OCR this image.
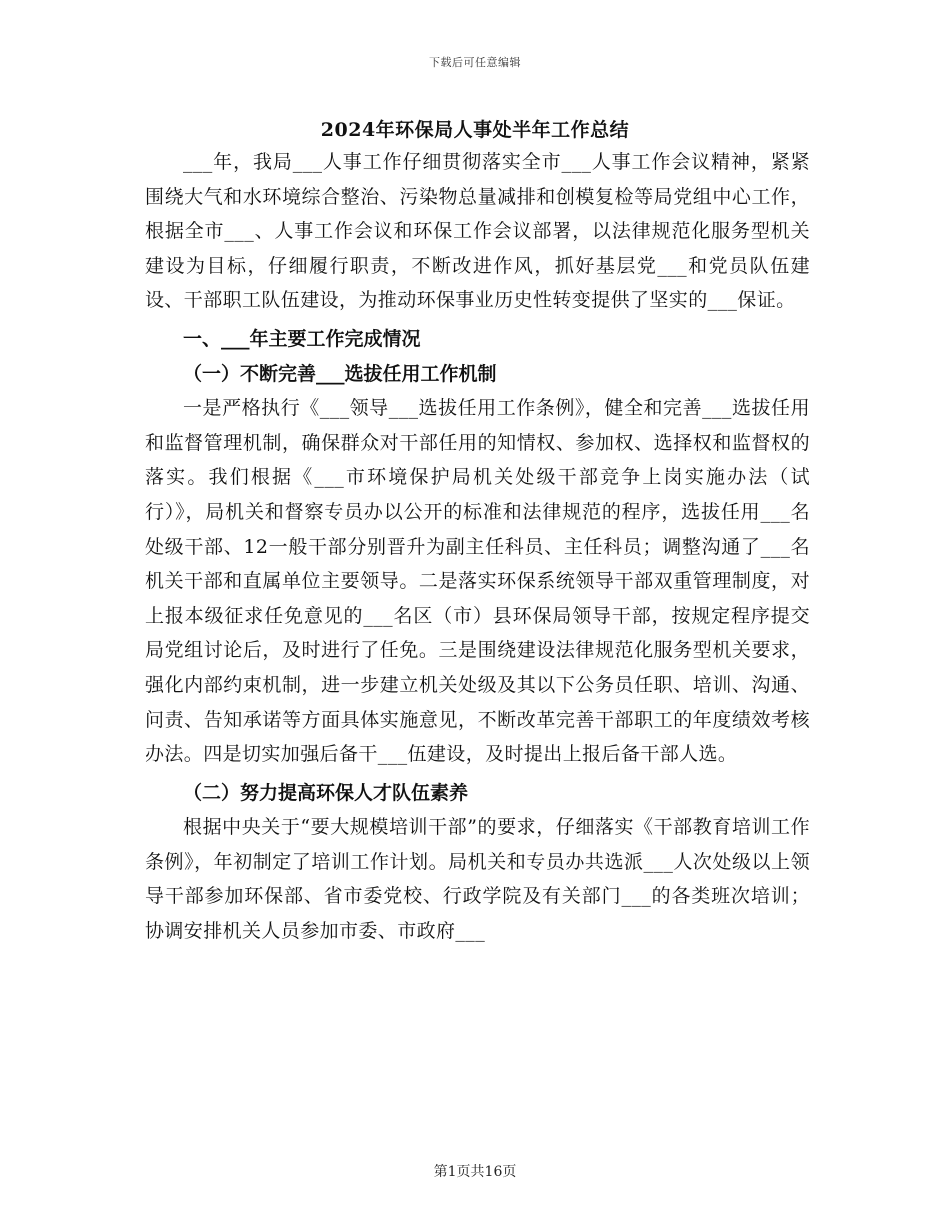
下载后可任意编辑
2024年环保局人事处半年工作总结

___年，我局___人事工作仔细贯彻落实全市___人事工作会议精神，紧紧围绕大气和水环境综合整治、污染物总量减排和创模复检等局党组中心工作，根据全市___、人事工作会议和环保工作会议部署，以法律规范化服务型机关建设为目标，仔细履行职责，不断改进作风，抓好基层党___和党员队伍建设、干部职工队伍建设，为推动环保事业历史性转变提供了坚实的___保证。

一、___年主要工作完成情况

（一）不断完善___选拔任用工作机制

一是严格执行《___领导___选拔任用工作条例》，健全和完善___选拔任用和监督管理机制，确保群众对干部任用的知情权、参加权、选择权和监督权的落实。我们根据《___市环境保护局机关处级干部竞争上岗实施办法（试行）》，局机关和督察专员办以公开的标准和法律规范的程序，选拔任用___名处级干部、12一般干部分别晋升为副主任科员、主任科员；调整沟通了___名机关干部和直属单位主要领导。二是落实环保系统领导干部双重管理制度，对上报本级征求任免意见的___名区（市）县环保局领导干部，按规定程序提交局党组讨论后，及时进行了任免。三是围绕建设法律规范化服务型机关要求，强化内部约束机制，进一步建立机关处级及其以下公务员任职、培训、沟通、问责、告知承诺等方面具体实施意见，不断改革完善干部职工的年度绩效考核办法。四是切实加强后备干___伍建设，及时提出上报后备干部人选。

（二）努力提高环保人才队伍素养

根据中央关于“要大规模培训干部”的要求，仔细落实《干部教育培训工作条例》，年初制定了培训工作计划。局机关和专员办共选派___人次处级以上领导干部参加环保部、省市委党校、行政学院及有关部门___的各类班次培训；协调安排机关人员参加市委、市政府___

第1页共16页
